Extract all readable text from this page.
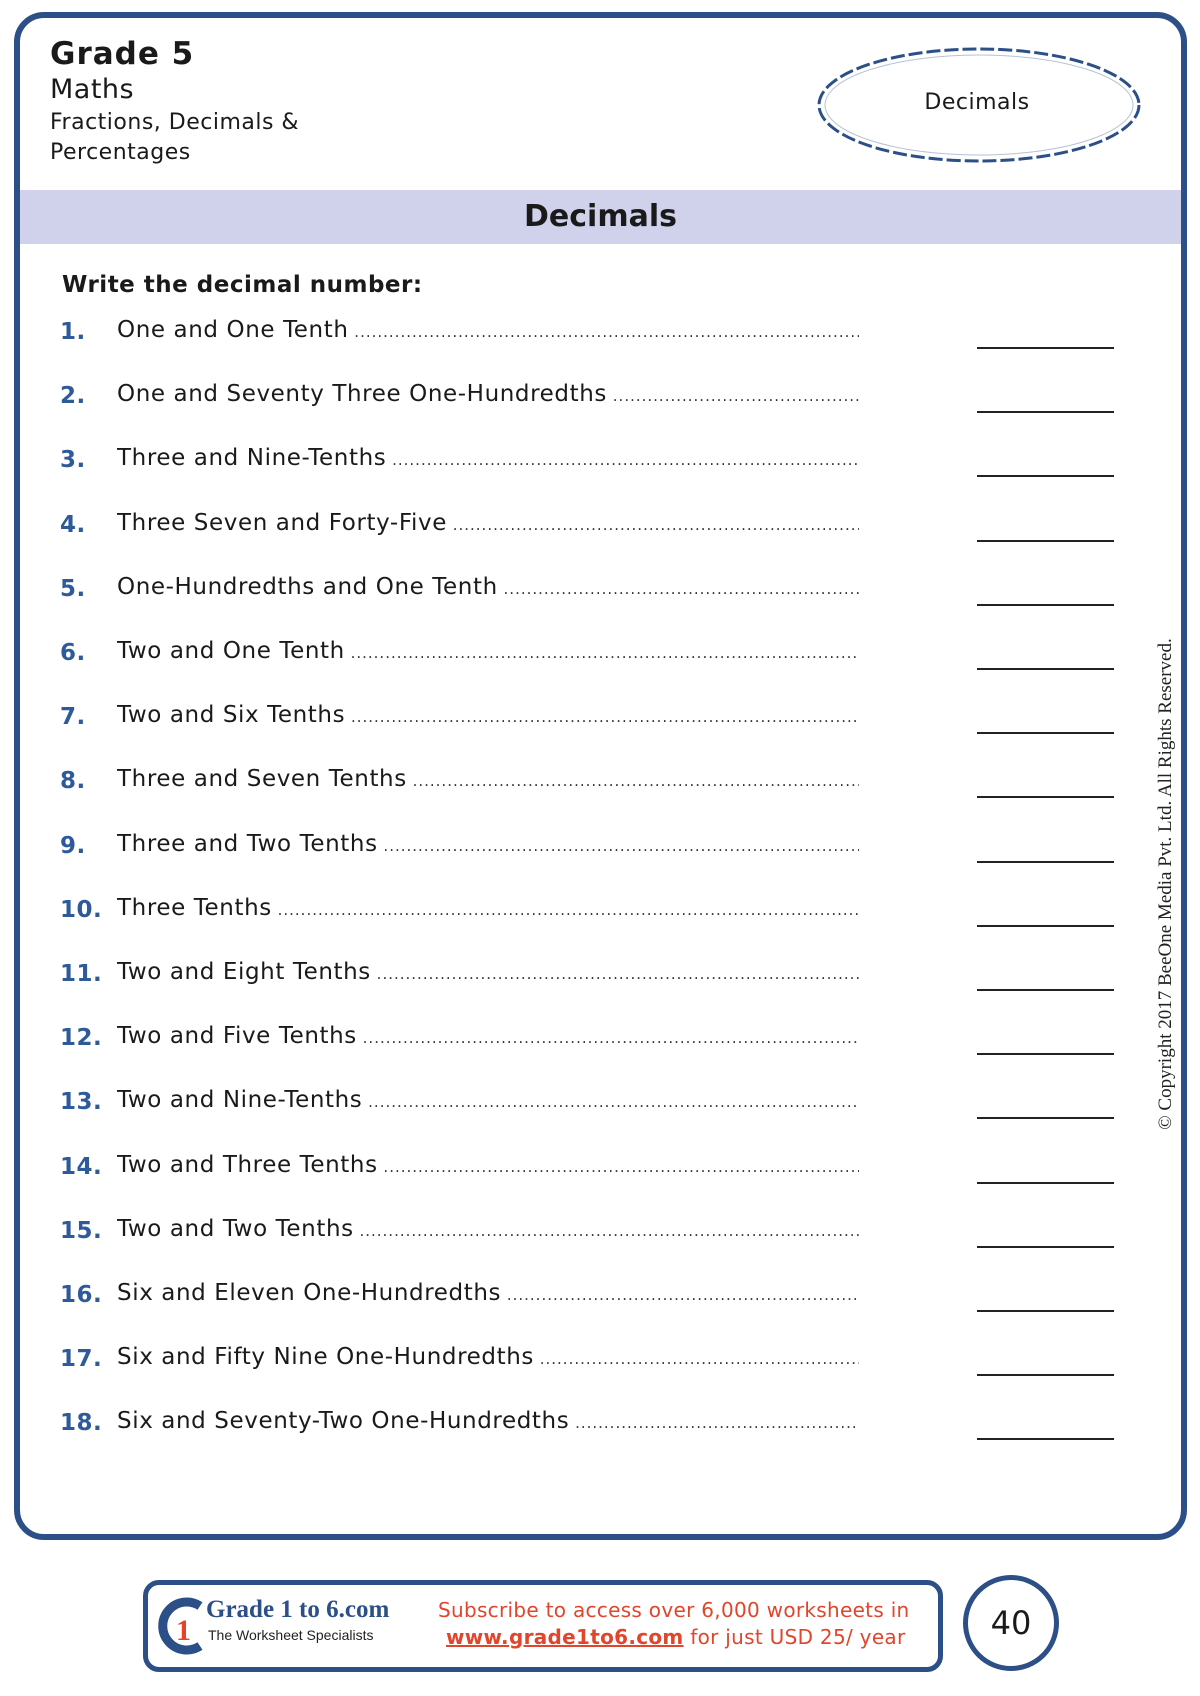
Grade 5
Maths
Fractions, Decimals & Percentages
Decimals
Decimals
Write the decimal number:
1. One and One Tenth .....
2. One and Seventy Three One-Hundredths .....
3. Three and Nine-Tenths .....
4. Three Seven and Forty-Five .....
5. One-Hundredths and One Tenth .....
6. Two and One Tenth .....
7. Two and Six Tenths .....
8. Three and Seven Tenths .....
9. Three and Two Tenths .....
10. Three Tenths .....
11. Two and Eight Tenths .....
12. Two and Five Tenths .....
13. Two and Nine-Tenths .....
14. Two and Three Tenths .....
15. Two and Two Tenths .....
16. Six and Eleven One-Hundredths .....
17. Six and Fifty Nine One-Hundredths .....
18. Six and Seventy-Two One-Hundredths .....
© Copyright 2017 BeeOne Media Pvt. Ltd. All Rights Reserved.
1
Grade 1 to 6.com
The Worksheet Specialists
Subscribe to access over 6,000 worksheets in
www.grade1to6.com for just USD 25/ year	40
